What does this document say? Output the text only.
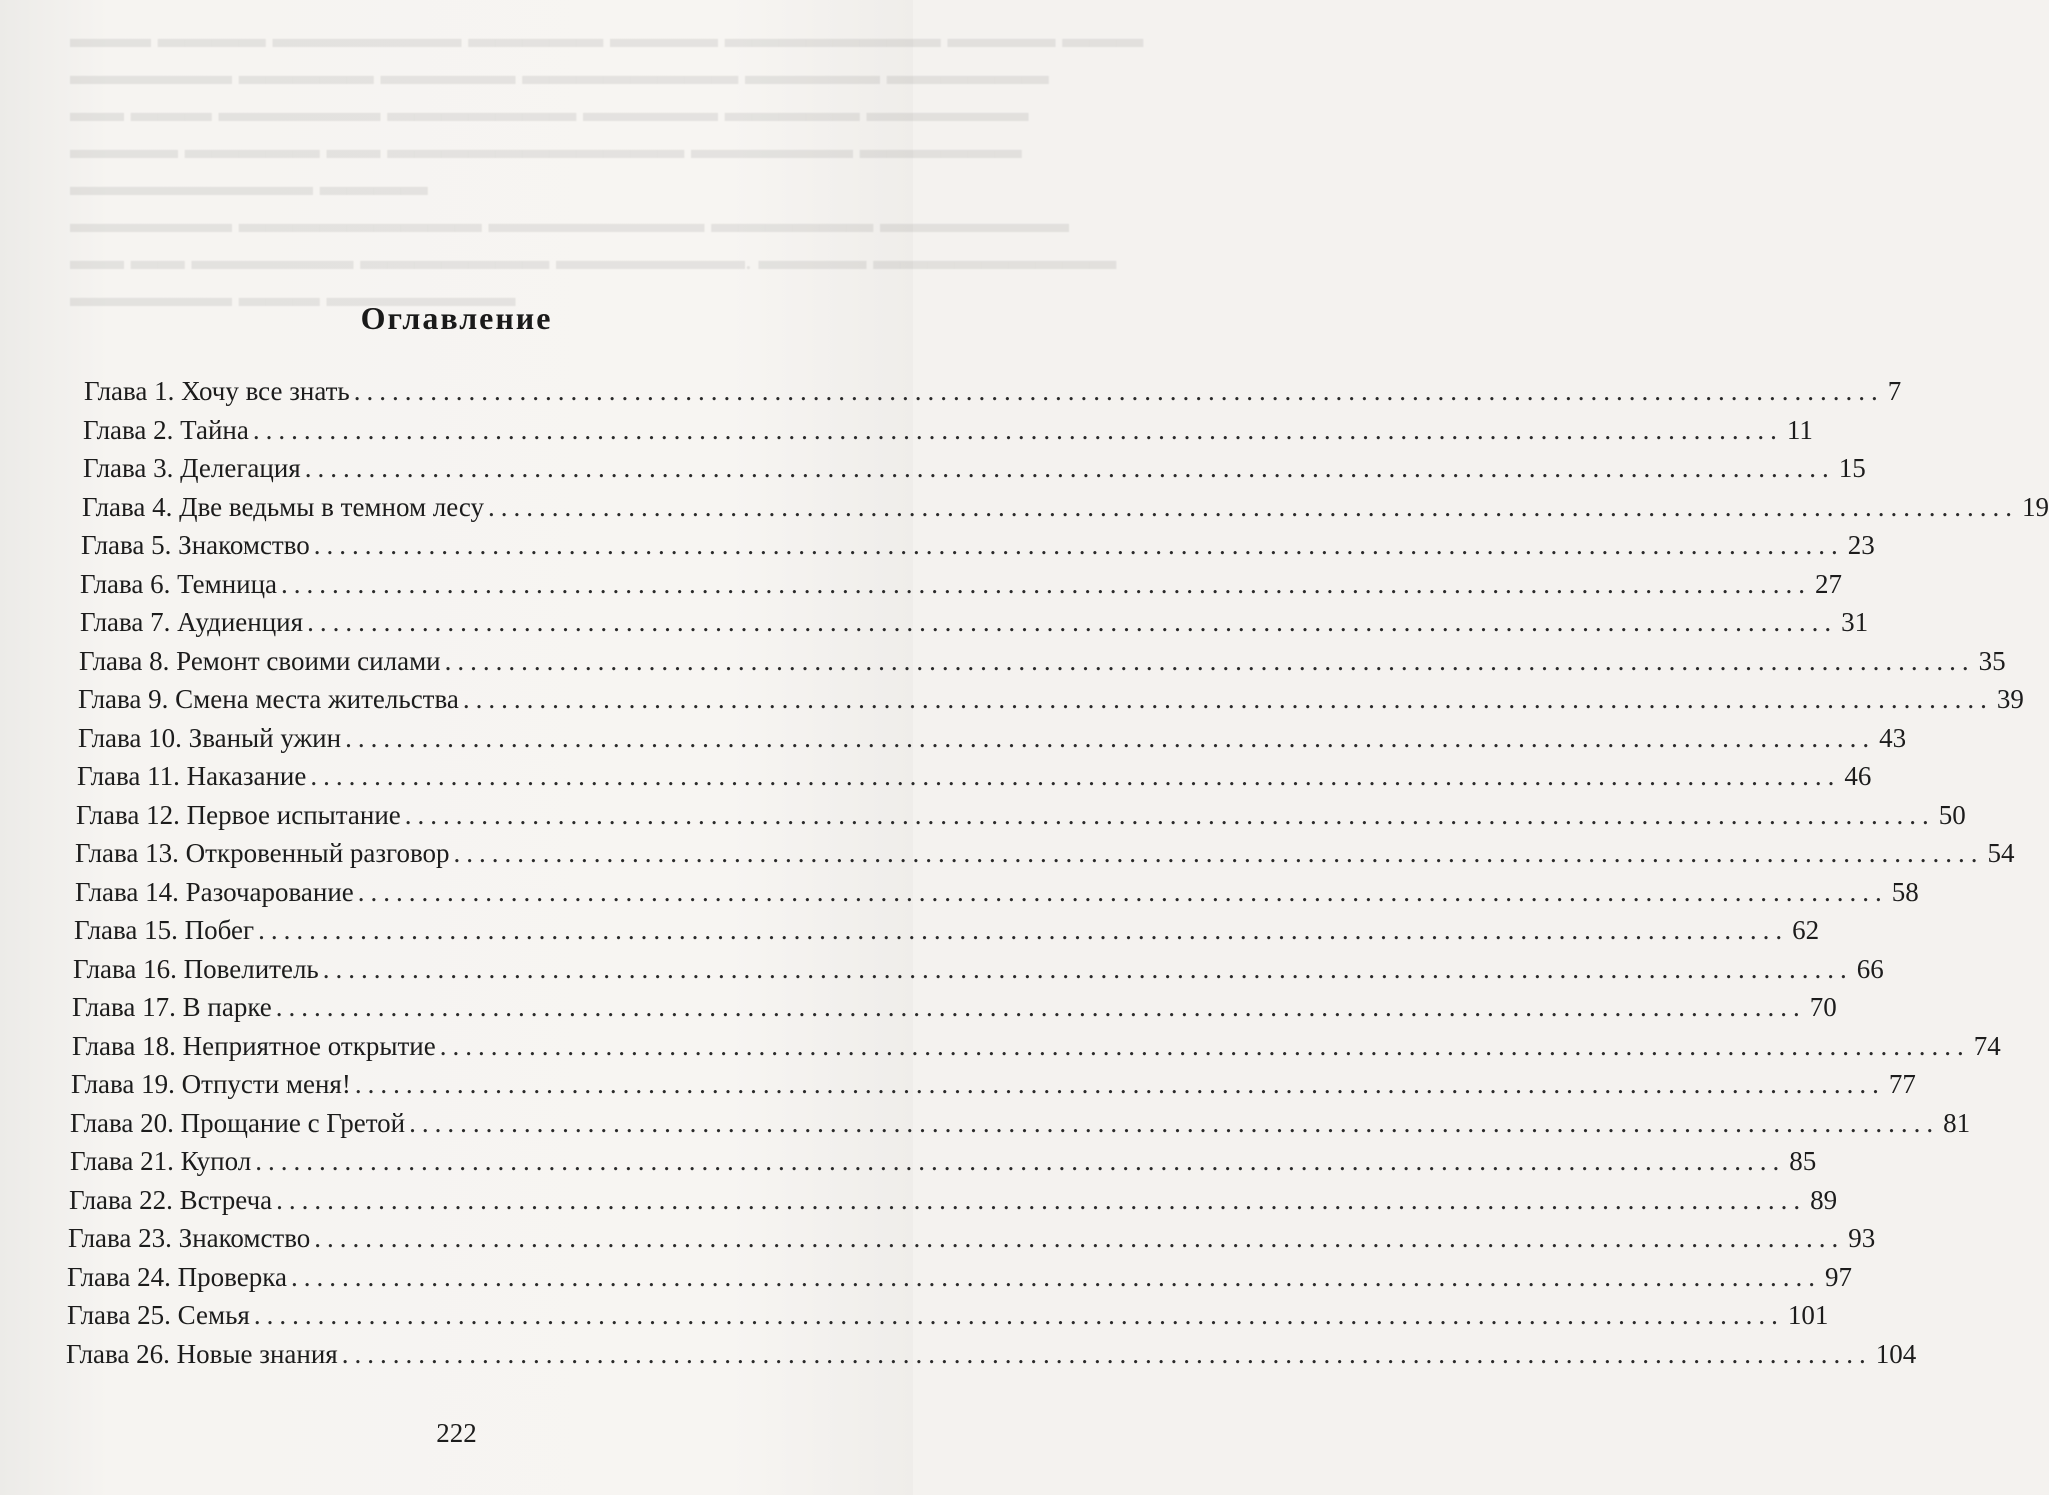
▬▬▬ ▬▬▬▬ ▬▬▬▬▬▬▬ ▬▬▬▬▬ ▬▬▬▬ ▬▬▬▬▬▬▬▬ ▬▬▬▬ ▬▬▬
▬▬▬▬▬▬ ▬▬▬▬▬ ▬▬▬▬▬ ▬▬▬▬▬▬▬▬ ▬▬▬▬▬ ▬▬▬▬▬▬
▬▬ ▬▬▬ ▬▬▬▬▬▬ ▬▬▬▬▬▬▬ ▬▬▬▬▬ ▬▬▬▬▬ ▬▬▬▬▬▬
▬▬▬▬ ▬▬▬▬▬ ▬▬ ▬▬▬▬▬▬▬▬▬▬▬ ▬▬▬▬▬▬ ▬▬▬▬▬▬
▬▬▬▬▬▬▬▬▬ ▬▬▬▬
▬▬▬▬▬▬ ▬▬▬▬▬▬▬▬▬ ▬▬▬▬▬▬▬▬ ▬▬▬▬▬▬ ▬▬▬▬▬▬▬
▬▬ ▬▬ ▬▬▬▬▬▬ ▬▬▬▬▬▬▬ ▬▬▬▬▬▬▬. ▬▬▬▬ ▬▬▬▬▬▬▬▬▬
▬▬▬▬▬▬ ▬▬▬ ▬▬▬▬▬▬▬
Оглавление
Глава 1. Хочу все знать ........................................................................................................................ 7
Глава 2. Тайна ........................................................................................................................ 11
Глава 3. Делегация ........................................................................................................................ 15
Глава 4. Две ведьмы в темном лесу ........................................................................................................................ 19
Глава 5. Знакомство ........................................................................................................................ 23
Глава 6. Темница ........................................................................................................................ 27
Глава 7. Аудиенция ........................................................................................................................ 31
Глава 8. Ремонт своими силами ........................................................................................................................ 35
Глава 9. Смена места жительства ........................................................................................................................ 39
Глава 10. Званый ужин ........................................................................................................................ 43
Глава 11. Наказание ........................................................................................................................ 46
Глава 12. Первое испытание ........................................................................................................................ 50
Глава 13. Откровенный разговор ........................................................................................................................ 54
Глава 14. Разочарование ........................................................................................................................ 58
Глава 15. Побег ........................................................................................................................ 62
Глава 16. Повелитель ........................................................................................................................ 66
Глава 17. В парке ........................................................................................................................ 70
Глава 18. Неприятное открытие ........................................................................................................................ 74
Глава 19. Отпусти меня! ........................................................................................................................ 77
Глава 20. Прощание с Гретой ........................................................................................................................ 81
Глава 21. Купол ........................................................................................................................ 85
Глава 22. Встреча ........................................................................................................................ 89
Глава 23. Знакомство ........................................................................................................................ 93
Глава 24. Проверка ........................................................................................................................ 97
Глава 25. Семья ........................................................................................................................ 101
Глава 26. Новые знания ........................................................................................................................ 104
222
